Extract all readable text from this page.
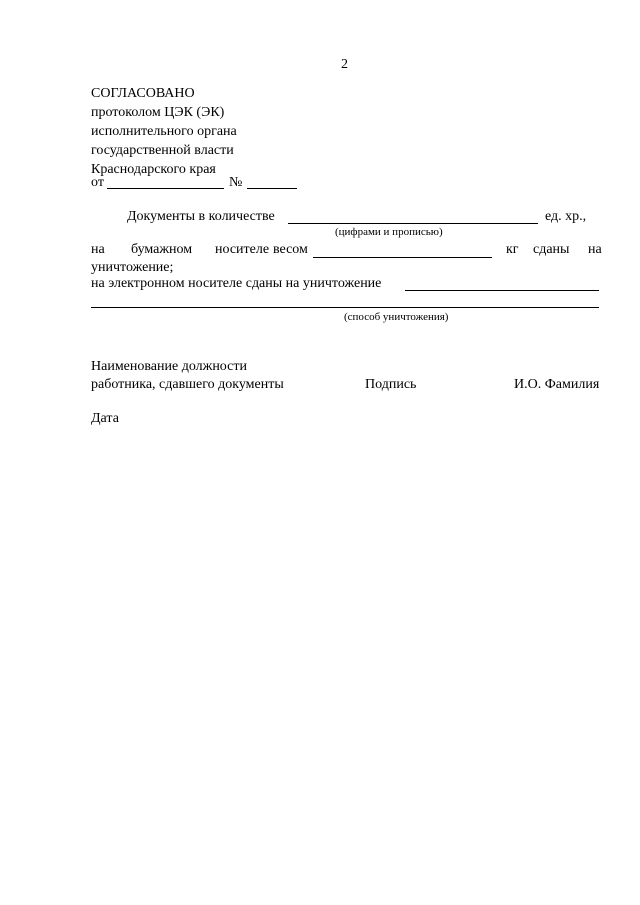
2
СОГЛАСОВАНО
протоколом ЦЭК (ЭК)
исполнительного органа
государственной власти
Краснодарского края
от	№
Документы в количестве	ед. хр.,
(цифрами и прописью)
на бумажном носителе весом	кг сданы на
уничтожение;
на электронном носителе сданы на уничтожение
(способ уничтожения)
Наименование должности
работника, сдавшего документы	Подпись	И.О. Фамилия
Дата
